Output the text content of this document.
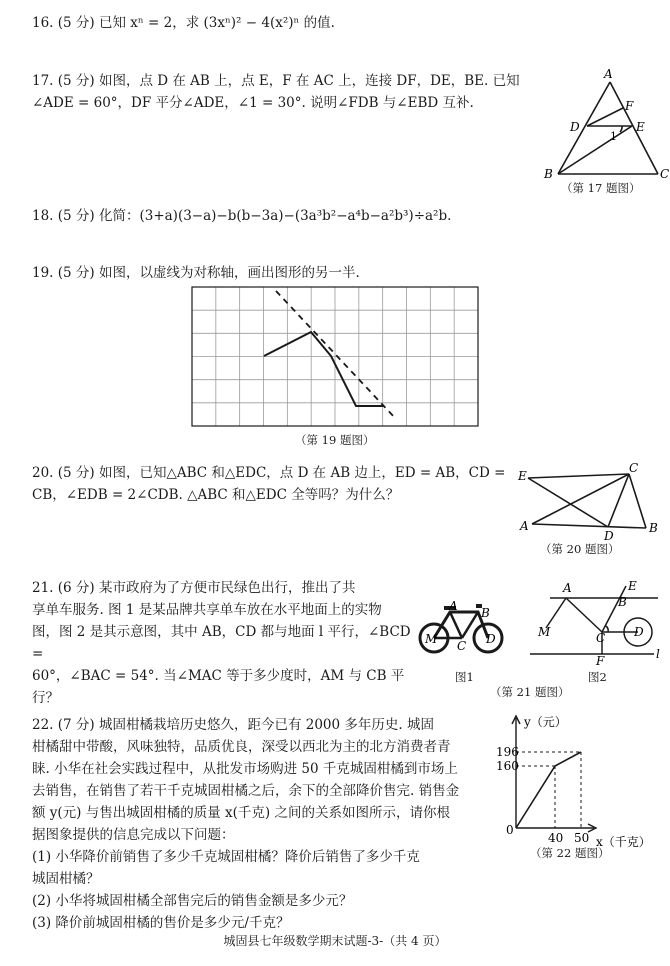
16. (5 分) 已知 xⁿ = 2，求 (3xⁿ)² − 4(x²)ⁿ 的值.

17. (5 分) 如图，点 D 在 AB 上，点 E，F 在 AC 上，连接 DF，DE，BE. 已知

∠ADE = 60°，DF 平分∠ADE，∠1 = 30°. 说明∠FDB 与∠EBD 互补.

A
F
D	E
1
B	C
（第 17 题图）

18. (5 分) 化简：(3+a)(3−a)−b(b−3a)−(3a³b²−a⁴b−a²b³)÷a²b.

19. (5 分) 如图，以虚线为对称轴，画出图形的另一半.

（第 19 题图）

20. (5 分) 如图，已知△ABC 和△EDC，点 D 在 AB 边上，ED = AB，CD =

CB，∠EDB = 2∠CDB. △ABC 和△EDC 全等吗？为什么？

E
C
A
D
B
（第 20 题图）

21. (6 分) 某市政府为了方便市民绿色出行，推出了共

享单车服务. 图 1 是某品牌共享单车放在水平地面上的实物

图，图 2 是其示意图，其中 AB，CD 都与地面 l 平行，∠BCD =

60°，∠BAC = 54°. 当∠MAC 等于多少度时，AM 与 CB 平行？

A B
M C D
A
B
E
M	C D
F	l
图1	图2
（第 21 题图）

22. (7 分) 城固柑橘栽培历史悠久，距今已有 2000 多年历史. 城固

柑橘甜中带酸，风味独特，品质优良，深受以西北为主的北方消费者青

睐. 小华在社会实践过程中，从批发市场购进 50 千克城固柑橘到市场上

去销售，在销售了若干千克城固柑橘之后，余下的全部降价售完. 销售金

额 y(元) 与售出城固柑橘的质量 x(千克) 之间的关系如图所示，请你根

据图象提供的信息完成以下问题：

(1) 小华降价前销售了多少千克城固柑橘？降价后销售了多少千克

城固柑橘？

(2) 小华将城固柑橘全部售完后的销售金额是多少元？

(3) 降价前城固柑橘的售价是多少元/千克？

y（元）
196
160
0
40 50 x（千克）
（第 22 题图）
城固县七年级数学期末试题-3-（共 4 页）
